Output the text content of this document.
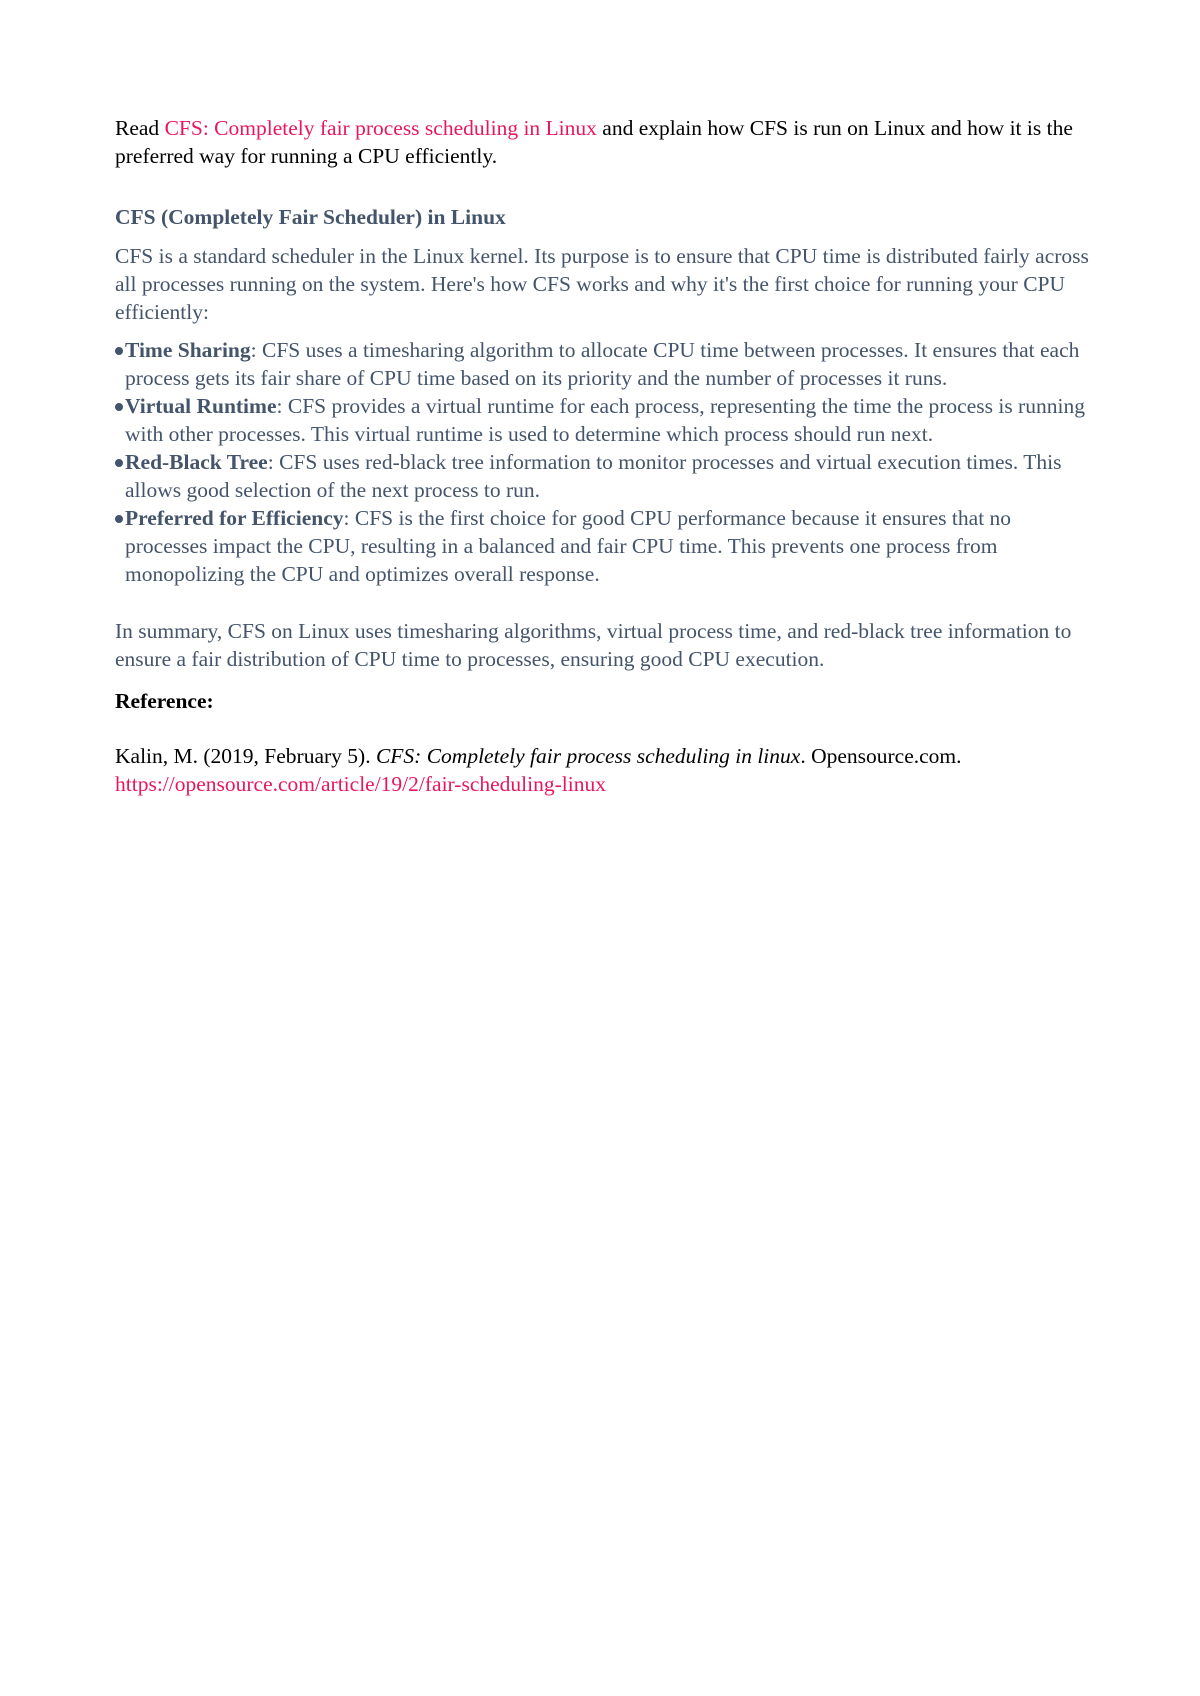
Read CFS: Completely fair process scheduling in Linux and explain how CFS is run on Linux and how it is the preferred way for running a CPU efficiently.

CFS (Completely Fair Scheduler) in Linux

CFS is a standard scheduler in the Linux kernel. Its purpose is to ensure that CPU time is distributed fairly across all processes running on the system. Here's how CFS works and why it's the first choice for running your CPU efficiently:

Time Sharing: CFS uses a timesharing algorithm to allocate CPU time between processes. It ensures that each process gets its fair share of CPU time based on its priority and the number of processes it runs.
Virtual Runtime: CFS provides a virtual runtime for each process, representing the time the process is running with other processes. This virtual runtime is used to determine which process should run next.
Red-Black Tree: CFS uses red-black tree information to monitor processes and virtual execution times. This allows good selection of the next process to run.
Preferred for Efficiency: CFS is the first choice for good CPU performance because it ensures that no processes impact the CPU, resulting in a balanced and fair CPU time. This prevents one process from monopolizing the CPU and optimizes overall response.

In summary, CFS on Linux uses timesharing algorithms, virtual process time, and red-black tree information to ensure a fair distribution of CPU time to processes, ensuring good CPU execution.

Reference:

Kalin, M. (2019, February 5). CFS: Completely fair process scheduling in linux. Opensource.com. https://opensource.com/article/19/2/fair-scheduling-linux
